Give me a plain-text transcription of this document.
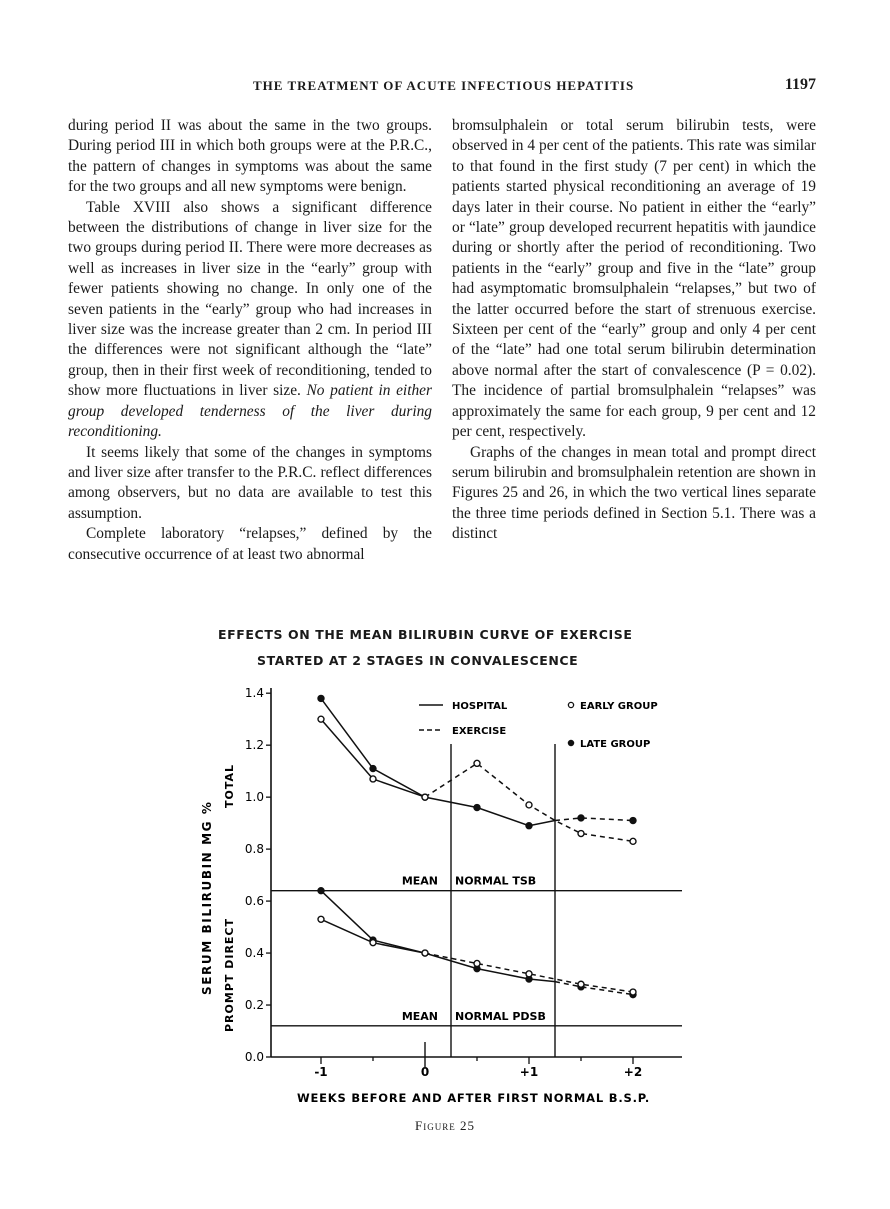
THE TREATMENT OF ACUTE INFECTIOUS HEPATITIS	1197

during period II was about the same in the two groups. During period III in which both groups were at the P.R.C., the pattern of changes in symptoms was about the same for the two groups and all new symptoms were benign.

Table XVIII also shows a significant difference between the distributions of change in liver size for the two groups during period II. There were more decreases as well as increases in liver size in the “early” group with fewer patients showing no change. In only one of the seven patients in the “early” group who had increases in liver size was the increase greater than 2 cm. In period III the differences were not significant although the “late” group, then in their first week of reconditioning, tended to show more fluctuations in liver size. No patient in either group developed tenderness of the liver during reconditioning.

It seems likely that some of the changes in symptoms and liver size after transfer to the P.R.C. reflect differences among observers, but no data are available to test this assumption.

Complete laboratory “relapses,” defined by the consecutive occurrence of at least two abnormal

bromsulphalein or total serum bilirubin tests, were observed in 4 per cent of the patients. This rate was similar to that found in the first study (7 per cent) in which the patients started physical reconditioning an average of 19 days later in their course. No patient in either the “early” or “late” group developed recurrent hepatitis with jaundice during or shortly after the period of reconditioning. Two patients in the “early” group and five in the “late” group had asymptomatic bromsulphalein “relapses,” but two of the latter occurred before the start of strenuous exercise. Sixteen per cent of the “early” group and only 4 per cent of the “late” had one total serum bilirubin determination above normal after the start of convalescence (P = 0.02). The incidence of partial bromsulphalein “relapses” was approximately the same for each group, 9 per cent and 12 per cent, respectively.

Graphs of the changes in mean total and prompt direct serum bilirubin and bromsulphalein retention are shown in Figures 25 and 26, in which the two vertical lines separate the three time periods defined in Section 5.1. There was a distinct

EFFECTS ON THE MEAN BILIRUBIN CURVE OF EXERCISE
STARTED AT 2 STAGES IN CONVALESCENCE
0.0
0.2
0.4
0.6
0.8
1.0
1.2
1.4
-1	0	+1	+2
MEAN NORMAL TSB
MEAN NORMAL PDSB
HOSPITAL
EXERCISE
EARLY GROUP
LATE GROUP
SERUM BILIRUBIN MG %
TOTAL
PROMPT DIRECT
WEEKS BEFORE AND AFTER FIRST NORMAL B.S.P.
Figure 25
